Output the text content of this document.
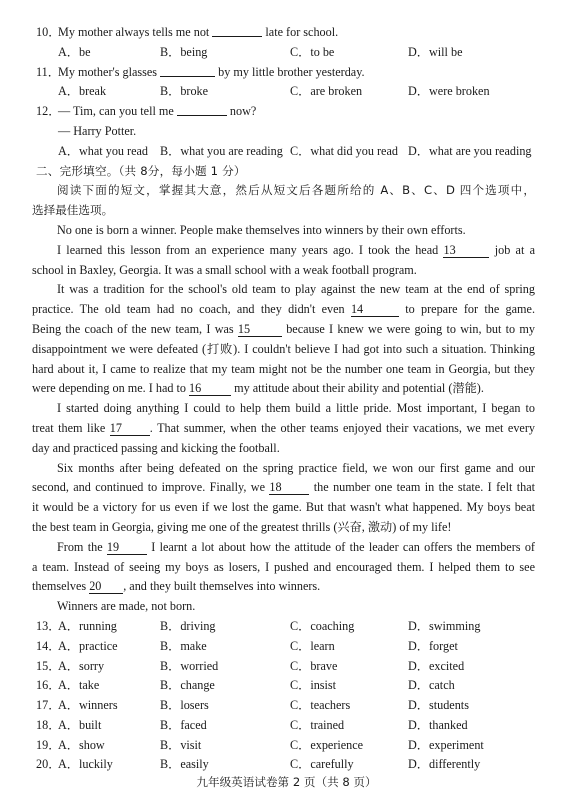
10．
My mother always tells me not	late for school.
A．be	B．being	C．to be	D．will be
11．
My mother's glasses	by my little brother yesterday.
A．break	B．broke	C．are broken	D．were broken
12．
— Tim, can you tell me	now?
— Harry Potter.
A．what you read B．what you are reading C．what did you read D．what are you reading
二、完形填空。（共 8分，每小题 1 分）
阅读下面的短文，掌握其大意，然后从短文后各题所给的 A、B、C、D 四个选项中，
选择最佳选项。
No one is born a winner. People make themselves into winners by their own efforts.
I learned this lesson from an experience many years ago. I took the head 13	job at a
school in Baxley, Georgia. It was a small school with a weak football program.
It was a tradition for the school's old team to play against the new team at the end of spring
practice. The old team had no coach, and they didn't even 14	to prepare for the game.
Being the coach of the new team, I was 15	because I knew we were going to win, but to my
disappointment we were defeated (打败). I couldn't believe I had got into such a situation. Thinking
hard about it, I came to realize that my team might not be the number one team in Georgia, but they
were depending on me. I had to 16 my attitude about their ability and potential (潜能).
I started doing anything I could to help them build a little pride. Most important, I began to
treat them like 17 . That summer, when the other teams enjoyed their vacations, we met every
day and practiced passing and kicking the football.
Six months after being defeated on the spring practice field, we won our first game and our
second, and continued to improve. Finally, we 18 the number one team in the state. I felt that
it would be a victory for us even if we lost the game. But that wasn't what happened. My boys beat
the best team in Georgia, giving me one of the greatest thrills (兴奋, 激动) of my life!
From the 19 I learnt a lot about how the attitude of the leader can offers the members of
a team. Instead of seeing my boys as losers, I pushed and encouraged them. I helped them to see
themselves 20 , and they built themselves into winners.
Winners are made, not born.
13．
A．running	B．driving	C．coaching	D．swimming
14．
A．practice	B．make	C．learn	D．forget
15．
A．sorry	B．worried	C．brave	D．excited
16．
A．take	B．change	C．insist	D．catch
17．
A．winners	B．losers	C．teachers	D．students
18．
A．built	B．faced	C．trained	D．thanked
19．
A．show	B．visit	C．experience	D．experiment
20．
A．luckily	B．easily	C．carefully	D．differently
九年级英语试卷第 2 页（共 8 页）
